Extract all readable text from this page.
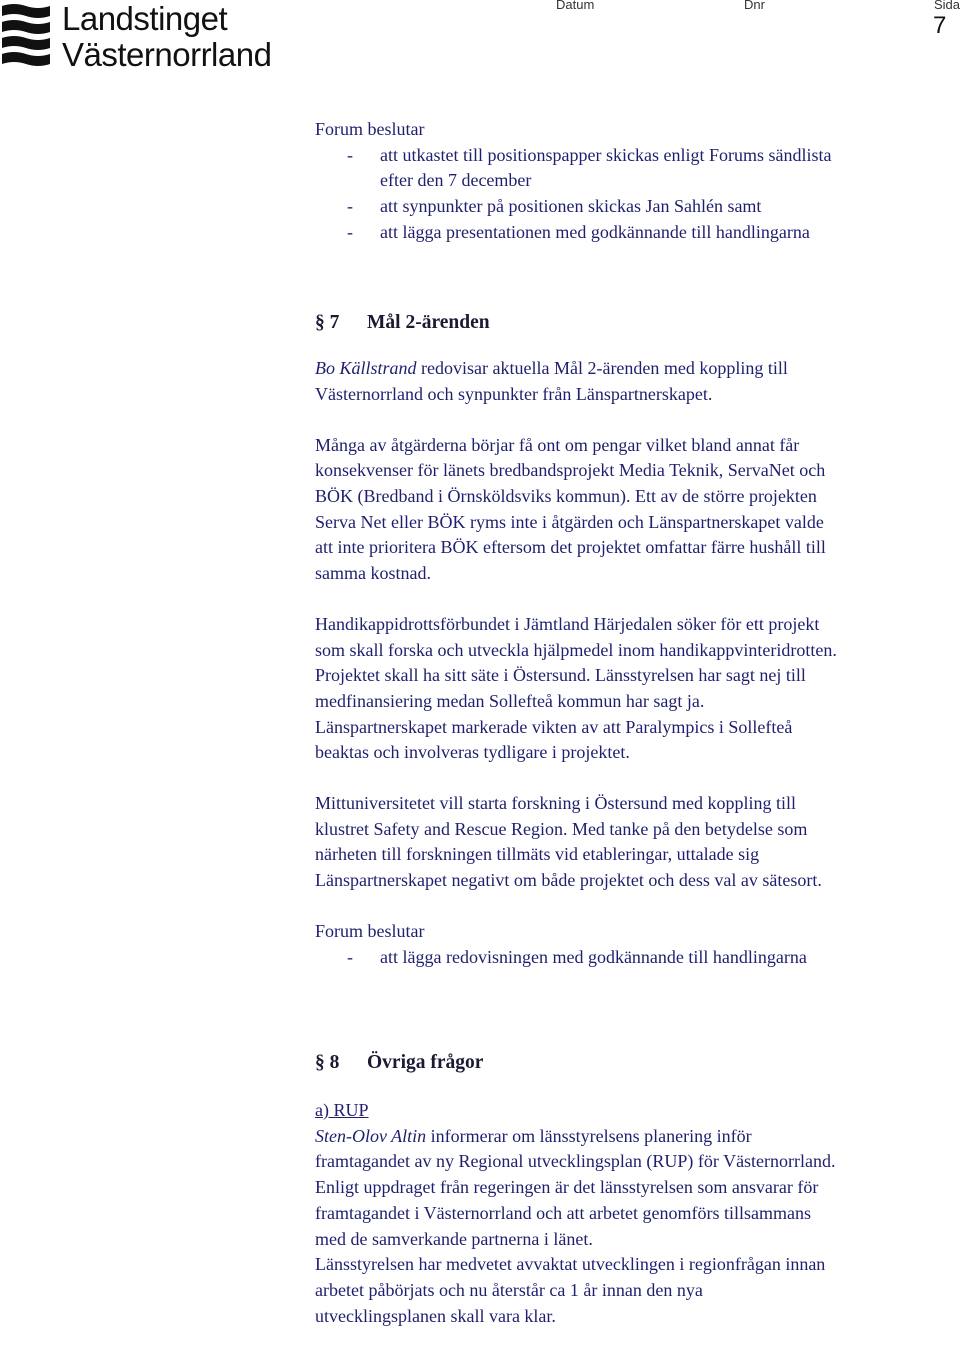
Landstinget
Västernorrland
Datum	Dnr	Sida
7

Forum beslutar

- att utkastet till positionspapper skickas enligt Forums sändlista
efter den 7 december
- att synpunkter på positionen skickas Jan Sahlén samt
- att lägga presentationen med godkännande till handlingarna
§ 7 Mål 2-ärenden

Bo Källstrand redovisar aktuella Mål 2-ärenden med koppling till
Västernorrland och synpunkter från Länspartnerskapet.

Många av åtgärderna börjar få ont om pengar vilket bland annat får
konsekvenser för länets bredbandsprojekt Media Teknik, ServaNet och
BÖK (Bredband i Örnsköldsviks kommun). Ett av de större projekten
Serva Net eller BÖK ryms inte i åtgärden och Länspartnerskapet valde
att inte prioritera BÖK eftersom det projektet omfattar färre hushåll till
samma kostnad.

Handikappidrottsförbundet i Jämtland Härjedalen söker för ett projekt
som skall forska och utveckla hjälpmedel inom handikappvinteridrotten.
Projektet skall ha sitt säte i Östersund. Länsstyrelsen har sagt nej till
medfinansiering medan Sollefteå kommun har sagt ja.
Länspartnerskapet markerade vikten av att Paralympics i Sollefteå
beaktas och involveras tydligare i projektet.

Mittuniversitetet vill starta forskning i Östersund med koppling till
klustret Safety and Rescue Region. Med tanke på den betydelse som
närheten till forskningen tillmäts vid etableringar, uttalade sig
Länspartnerskapet negativt om både projektet och dess val av sätesort.

Forum beslutar

- att lägga redovisningen med godkännande till handlingarna
§ 8 Övriga frågor

a) RUP

Sten-Olov Altin informerar om länsstyrelsens planering inför
framtagandet av ny Regional utvecklingsplan (RUP) för Västernorrland.
Enligt uppdraget från regeringen är det länsstyrelsen som ansvarar för
framtagandet i Västernorrland och att arbetet genomförs tillsammans
med de samverkande partnerna i länet.
Länsstyrelsen har medvetet avvaktat utvecklingen i regionfrågan innan
arbetet påbörjats och nu återstår ca 1 år innan den nya
utvecklingsplanen skall vara klar.
